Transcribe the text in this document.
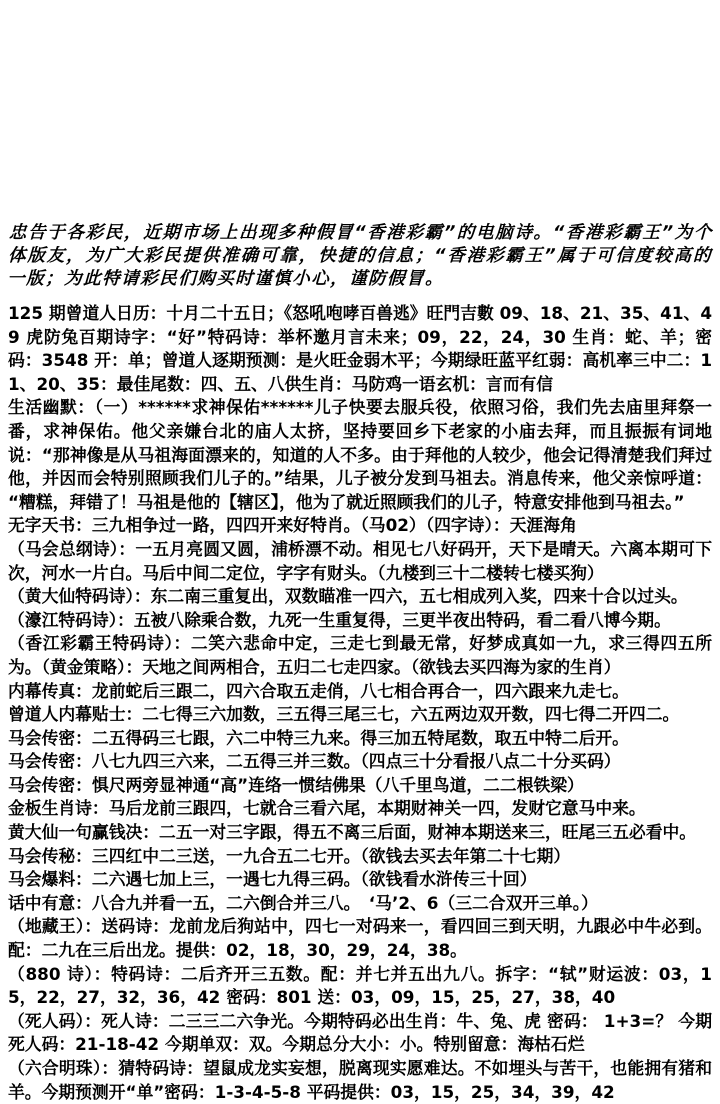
忠告于各彩民，近期市场上出现多种假冒“香港彩霸”的电脑诗。“香港彩霸王”为个体版友，为广大彩民提供准确可靠，快捷的信息；“香港彩霸王”属于可信度较高的一版；为此特请彩民们购买时谨慎小心，谨防假冒。

125 期曾道人日历：十月二十五日；《怒吼咆哮百兽逃》旺門吉數 09、18、21、35、41、49 虎防兔百期诗字：“好”特码诗：举杯邀月言未来；09，22，24，30 生肖：蛇、羊；密码：3548 开：单；曾道人逐期预测：是火旺金弱木平；今期绿旺蓝平红弱：高机率三中二：11、20、35：最佳尾数：四、五、八供生肖：马防鸡一语玄机：言而有信

生活幽默：（一）******求神保佑******儿子快要去服兵役，依照习俗，我们先去庙里拜祭一番，求神保佑。他父亲嫌台北的庙人太挤，坚持要回乡下老家的小庙去拜，而且振振有词地说：“那神像是从马祖海面漂来的，知道的人不多。由于拜他的人较少，他会记得清楚我们拜过他，并因而会特别照顾我们儿子的。”结果，儿子被分发到马祖去。消息传来，他父亲惊呼道：“糟糕，拜错了！马祖是他的【辖区】，他为了就近照顾我们的儿子，特意安排他到马祖去。”

无字天书：三九相争过一路，四四开来好特肖。（马02）（四字诗）：天涯海角

（马会总纲诗）：一五月亮圆又圆，浦桥漂不动。相见七八好码开，天下是晴天。六离本期可下次，河水一片白。马后中间二定位，字字有财头。（九楼到三十二楼转七楼买狗）

（黄大仙特码诗）：东二南三重复出，双数瞄准一四六，五七相成列入奖，四来十合以过头。

（濠江特码诗）：五被八除乘合数，九死一生重复得，三更半夜出特码，看二看八博今期。

（香江彩霸王特码诗）：二笑六悲命中定，三走七到最无常，好梦成真如一九，求三得四五所为。（黄金策略）：天地之间两相合，五归二七走四家。（欲钱去买四海为家的生肖）

内幕传真：龙前蛇后三跟二，四六合取五走俏，八七相合再合一，四六跟来九走七。

曾道人内幕贴士：二七得三六加数，三五得三尾三七，六五两边双开数，四七得二开四二。

马会传密：二五得码三七跟，六二中特三九来。得三加五特尾数，取五中特二后开。

马会传密：八七九四三六来，二五得三并三数。（四点三十分看报八点二十分买码）

马会传密：惧尺两旁显神通“高”连络一惯结佛果（八千里鸟道，二二根铁梁）

金板生肖诗：马后龙前三跟四，七就合三看六尾，本期财神关一四，发财它意马中来。

黄大仙一句赢钱决：二五一对三字跟，得五不离三后面，财神本期送来三，旺尾三五必看中。

马会传秘：三四红中二三送，一九合五二七开。（欲钱去买去年第二十七期）

马会爆料：二六遇七加上三，一遇七九得三码。（欲钱看水浒传三十回）

话中有意：八合九并看一五，二六倒合并三八。　‘马’2、6（三二合双开三单。）

（地藏王）：送码诗：龙前龙后狗站中，四七一对码来一，看四回三到天明，九跟必中牛必到。配：二九在三后出龙。提供：02，18，30，29，24，38。

（880 诗）：特码诗：二后齐开三五数。配：并七并五出九八。拆字：“轼”财运波：03，15，22，27，32，36，42 密码：801 送：03，09，15，25，27，38，40

（死人码）：死人诗：二三三二六争光。今期特码必出生肖：牛、兔、虎 密码： 1+3=？ 今期死人码：21-18-42 今期单双：双。今期总分大小：小。特别留意：海枯石烂

（六合明珠）：猜特码诗：望鼠成龙实妄想，脱离现实愿难达。不如埋头与苦干，也能拥有猪和羊。今期预测开“单”密码：1-3-4-5-8 平码提供：03，15，25，34，39，42
